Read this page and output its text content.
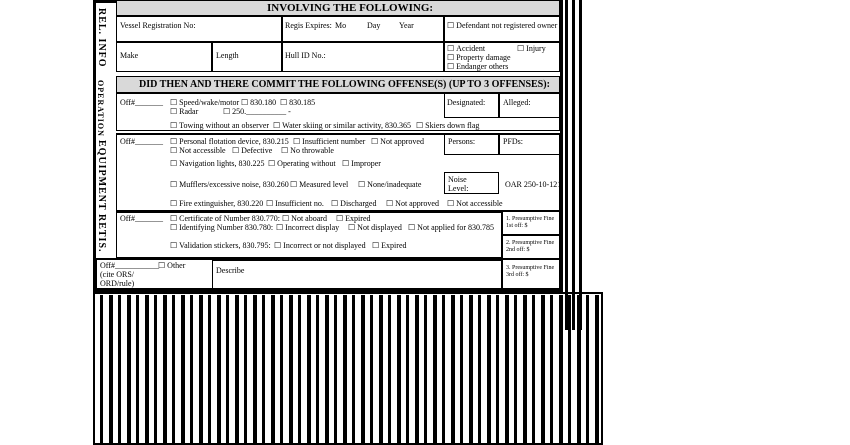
REL. INFO
OPERATION
EQUIPMENT
RETIS.
INVOLVING THE FOLLOWING:
Vessel Registration No:	Regis Expires: Mo	Day Year	☐ Defendant not registered owner
Make	Length	Hull ID No.:
☐ Accident	☐ Injury
☐ Property damage
☐ Endanger others
DID THEN AND THERE COMMIT THE FOLLOWING OFFENSE(S) (UP TO 3 OFFENSES):
Off#_______	☐ Speed/wake/motor	☐ 830.180	☐ 830.185
☐ Radar	☐ 250.__________ -
Designated: Alleged:
☐ Towing without an observer	☐ Water skiing or similar activity, 830.365	☐ Skiers down flag
Off#_______	☐ Personal flotation device, 830.215	☐ Insufficient number	☐ Not approved
☐ Not accessible	☐ Defective	☐ No throwable
Persons:	PFDs:
☐ Navigation lights, 830.225	☐ Operating without	☐ Improper
☐ Mufflers/excessive noise, 830.260	☐ Measured level	☐ None/inadequate
Noise Level:	OAR 250-10-121
☐ Fire extinguisher, 830.220	☐ Insufficient no.	☐ Discharged	☐ Not approved	☐ Not accessible
Off#_______	☐ Certificate of Number 830.770:	☐ Not aboard	☐ Expired
☐ Identifying Number 830.780:	☐ Incorrect display	☐ Not displayed	☐ Not applied for 830.785
☐ Validation stickers, 830.795:	☐ Incorrect or not displayed	☐ Expired
1. Presumptive Fine
1st off: $
2. Presumptive Fine
2nd off: $
3. Presumptive Fine
3rd off: $
Off#___________	☐ Other
(cite ORS/
ORD/rule)
Describe
